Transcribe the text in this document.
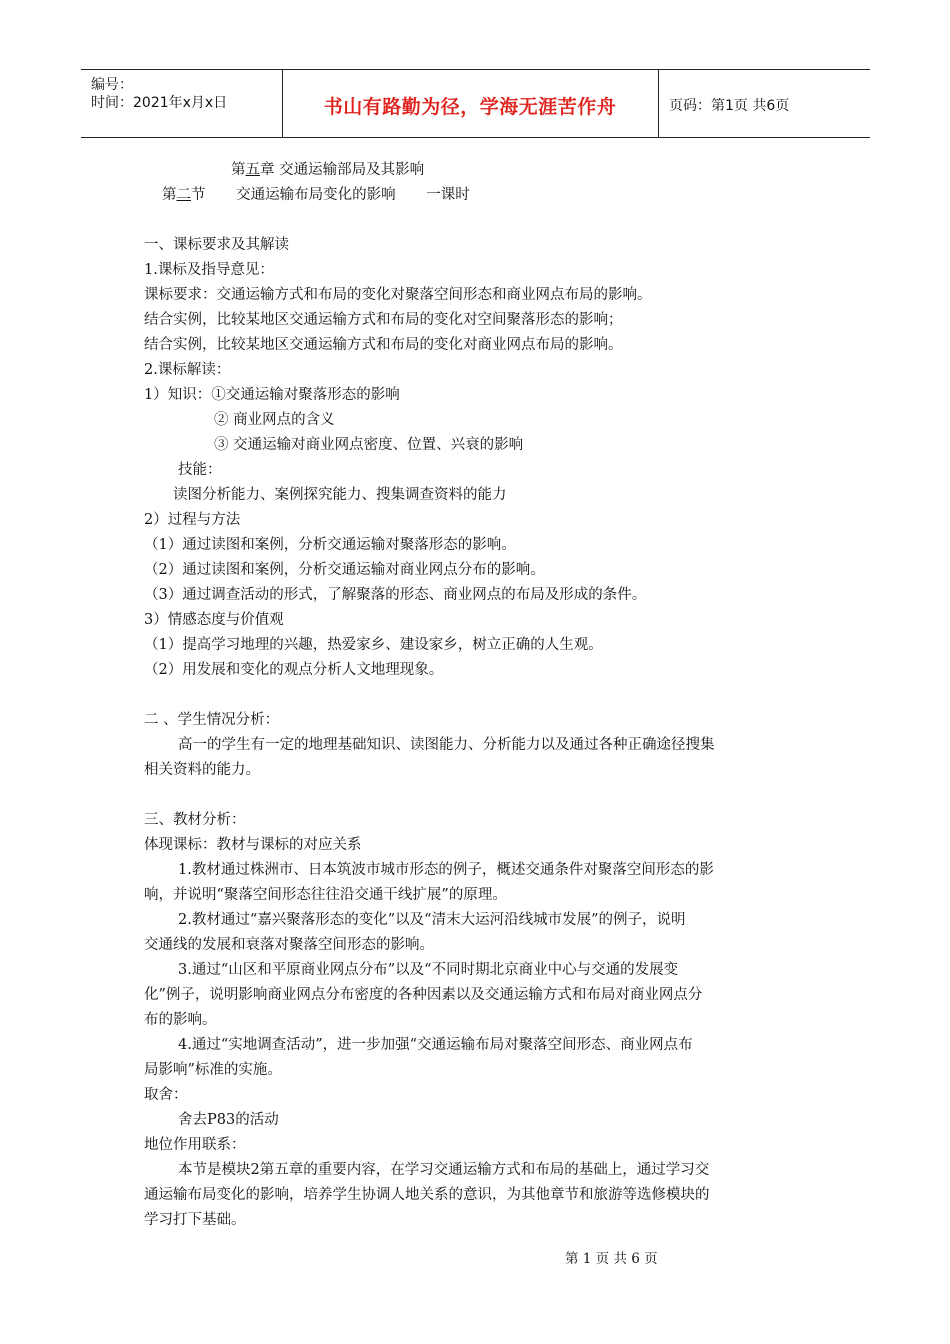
编号：
时间：2021年x月x日	书山有路勤为径，学海无涯苦作舟	页码：第1页 共6页
第五章 交通运输部局及其影响
第二节 交通运输布局变化的影响 一课时
一、课标要求及其解读
1.课标及指导意见：
课标要求：交通运输方式和布局的变化对聚落空间形态和商业网点布局的影响。
结合实例，比较某地区交通运输方式和布局的变化对空间聚落形态的影响；
结合实例，比较某地区交通运输方式和布局的变化对商业网点布局的影响。
2.课标解读：
1）知识：①交通运输对聚落形态的影响
② 商业网点的含义
③ 交通运输对商业网点密度、位置、兴衰的影响
技能：
读图分析能力、案例探究能力、搜集调查资料的能力
2）过程与方法
（1）通过读图和案例，分析交通运输对聚落形态的影响。
（2）通过读图和案例，分析交通运输对商业网点分布的影响。
（3）通过调查活动的形式，了解聚落的形态、商业网点的布局及形成的条件。
3）情感态度与价值观
（1）提高学习地理的兴趣，热爱家乡、建设家乡，树立正确的人生观。
（2）用发展和变化的观点分析人文地理现象。
二 、学生情况分析：
高一的学生有一定的地理基础知识、读图能力、分析能力以及通过各种正确途径搜集
相关资料的能力。
三、教材分析：
体现课标：教材与课标的对应关系
1.教材通过株洲市、日本筑波市城市形态的例子，概述交通条件对聚落空间形态的影
响，并说明“聚落空间形态往往沿交通干线扩展”的原理。
2.教材通过“嘉兴聚落形态的变化”以及“清末大运河沿线城市发展”的例子，说明
交通线的发展和衰落对聚落空间形态的影响。
3.通过“山区和平原商业网点分布”以及“不同时期北京商业中心与交通的发展变
化”例子，说明影响商业网点分布密度的各种因素以及交通运输方式和布局对商业网点分
布的影响。
4.通过“实地调查活动”，进一步加强“交通运输布局对聚落空间形态、商业网点布
局影响”标准的实施。
取舍：
舍去P83的活动
地位作用联系：
本节是模块2第五章的重要内容，在学习交通运输方式和布局的基础上，通过学习交
通运输布局变化的影响，培养学生协调人地关系的意识，为其他章节和旅游等选修模块的
学习打下基础。
第 1 页 共 6 页
